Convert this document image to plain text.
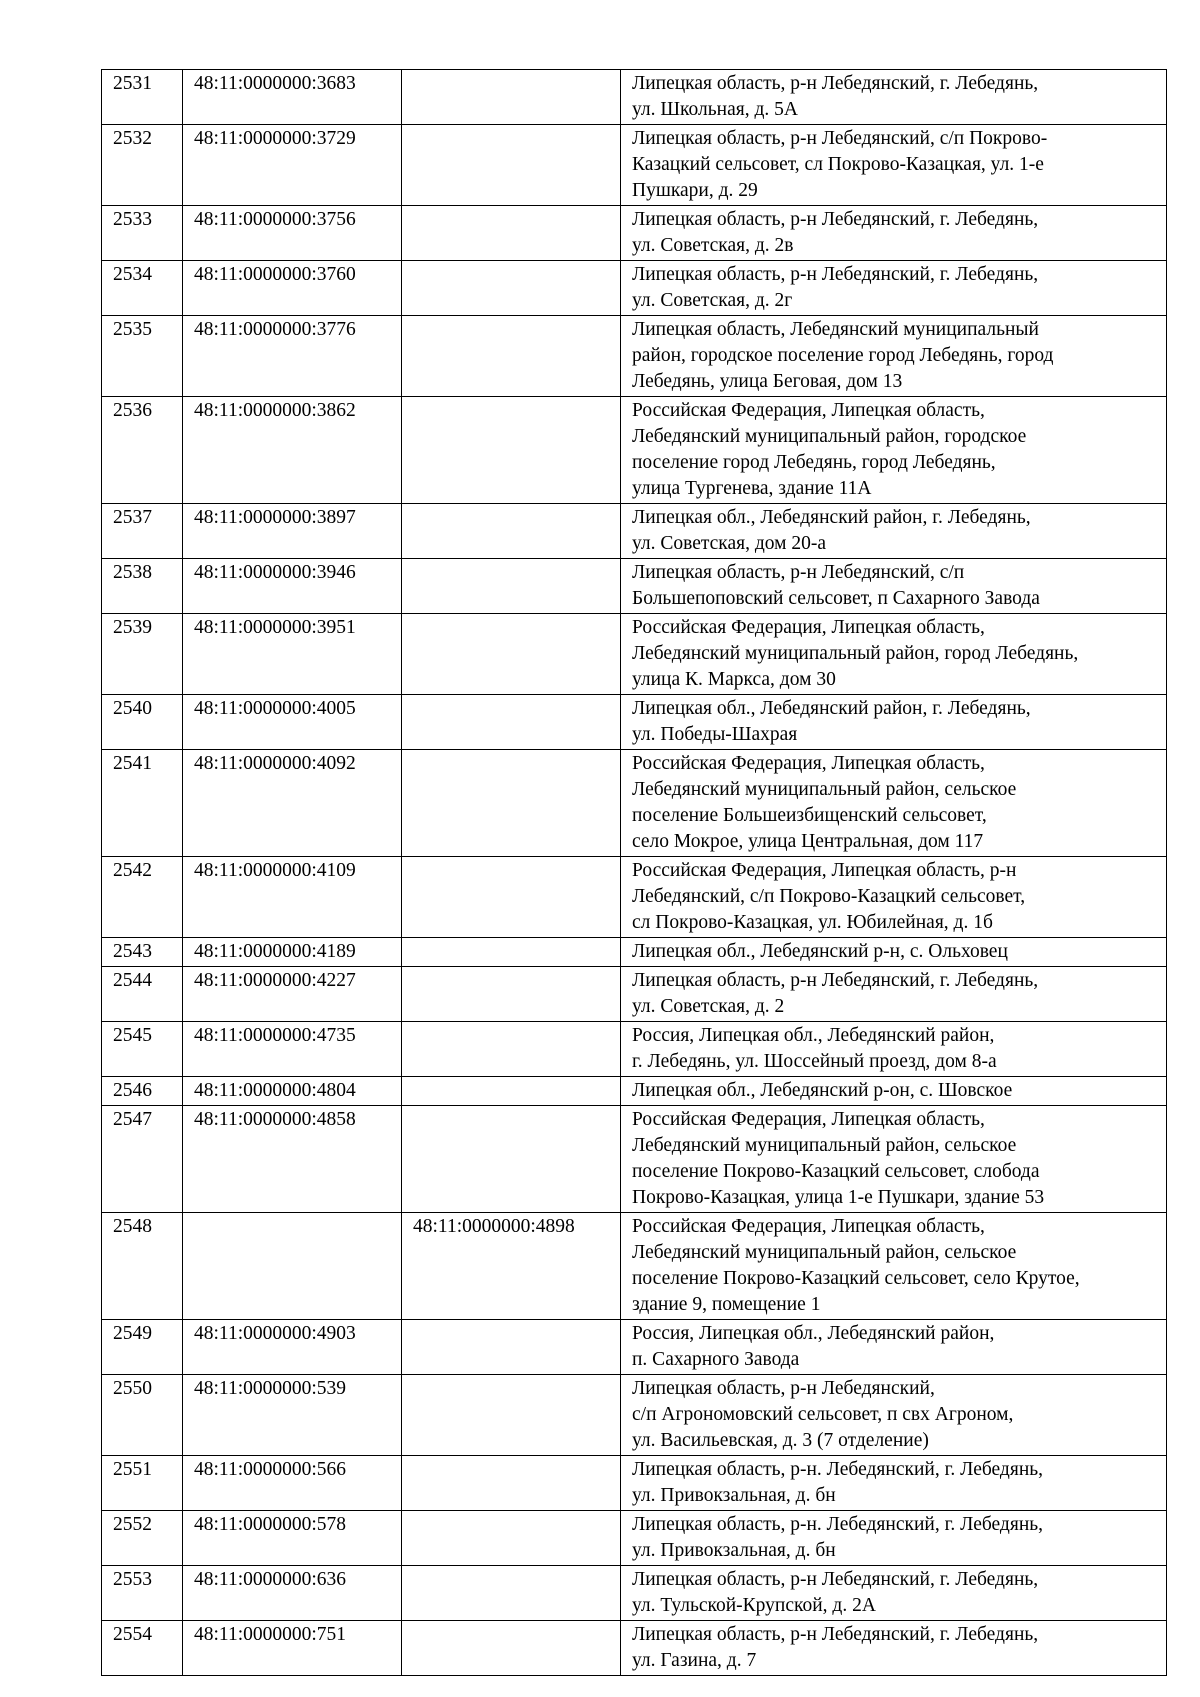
2531	48:11:0000000:3683		Липецкая область, р-н Лебедянский, г. Лебедянь,
ул. Школьная, д. 5А

2532	48:11:0000000:3729		Липецкая область, р-н Лебедянский, с/п Покрово-
Казацкий сельсовет, сл Покрово-Казацкая, ул. 1-е
Пушкари, д. 29

2533	48:11:0000000:3756		Липецкая область, р-н Лебедянский, г. Лебедянь,
ул. Советская, д. 2в

2534	48:11:0000000:3760		Липецкая область, р-н Лебедянский, г. Лебедянь,
ул. Советская, д. 2г

2535	48:11:0000000:3776		Липецкая область, Лебедянский муниципальный
район, городское поселение город Лебедянь, город
Лебедянь, улица Беговая, дом 13

2536	48:11:0000000:3862		Российская Федерация, Липецкая область,
Лебедянский муниципальный район, городское
поселение город Лебедянь, город Лебедянь,
улица Тургенева, здание 11А

2537	48:11:0000000:3897		Липецкая обл., Лебедянский район, г. Лебедянь,
ул. Советская, дом 20-а

2538	48:11:0000000:3946		Липецкая область, р-н Лебедянский, с/п
Большепоповский сельсовет, п Сахарного Завода

2539	48:11:0000000:3951		Российская Федерация, Липецкая область,
Лебедянский муниципальный район, город Лебедянь,
улица К. Маркса, дом 30

2540	48:11:0000000:4005		Липецкая обл., Лебедянский район, г. Лебедянь,
ул. Победы-Шахрая

2541	48:11:0000000:4092		Российская Федерация, Липецкая область,
Лебедянский муниципальный район, сельское
поселение Большеизбищенский сельсовет,
село Мокрое, улица Центральная, дом 117

2542	48:11:0000000:4109		Российская Федерация, Липецкая область, р-н
Лебедянский, с/п Покрово-Казацкий сельсовет,
сл Покрово-Казацкая, ул. Юбилейная, д. 1б

2543	48:11:0000000:4189		Липецкая обл., Лебедянский р-н, с. Ольховец

2544	48:11:0000000:4227		Липецкая область, р-н Лебедянский, г. Лебедянь,
ул. Советская, д. 2

2545	48:11:0000000:4735		Россия, Липецкая обл., Лебедянский район,
г. Лебедянь, ул. Шоссейный проезд, дом 8-а

2546	48:11:0000000:4804		Липецкая обл., Лебедянский р-он, с. Шовское

2547	48:11:0000000:4858		Российская Федерация, Липецкая область,
Лебедянский муниципальный район, сельское
поселение Покрово-Казацкий сельсовет, слобода
Покрово-Казацкая, улица 1-е Пушкари, здание 53

2548		48:11:0000000:4898	Российская Федерация, Липецкая область,
Лебедянский муниципальный район, сельское
поселение Покрово-Казацкий сельсовет, село Крутое,
здание 9, помещение 1

2549	48:11:0000000:4903		Россия, Липецкая обл., Лебедянский район,
п. Сахарного Завода

2550	48:11:0000000:539		Липецкая область, р-н Лебедянский,
с/п Агрономовский сельсовет, п свх Агроном,
ул. Васильевская, д. 3 (7 отделение)

2551	48:11:0000000:566		Липецкая область, р-н. Лебедянский, г. Лебедянь,
ул. Привокзальная, д. бн

2552	48:11:0000000:578		Липецкая область, р-н. Лебедянский, г. Лебедянь,
ул. Привокзальная, д. бн

2553	48:11:0000000:636		Липецкая область, р-н Лебедянский, г. Лебедянь,
ул. Тульской-Крупской, д. 2А

2554	48:11:0000000:751		Липецкая область, р-н Лебедянский, г. Лебедянь,
ул. Газина, д. 7
